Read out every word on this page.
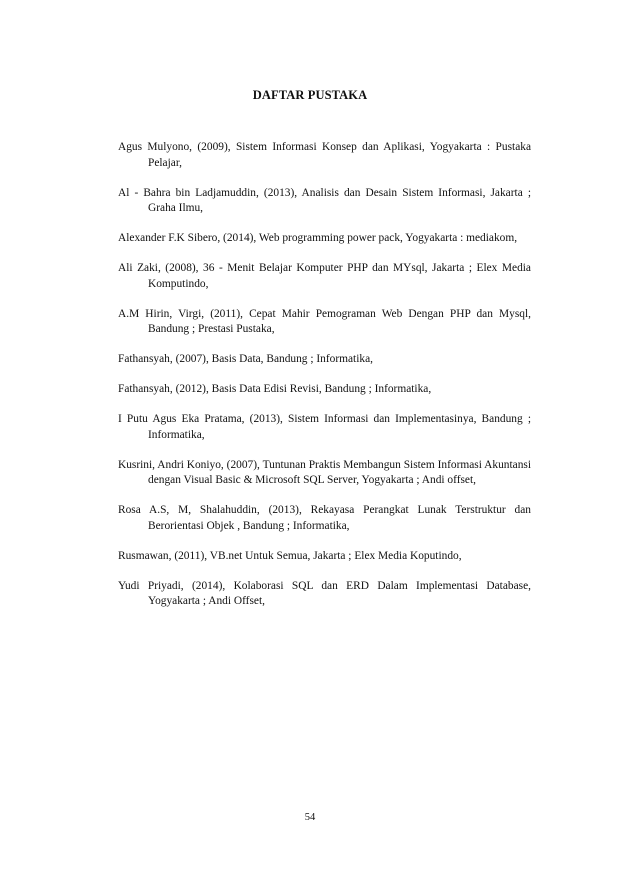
DAFTAR PUSTAKA
Agus Mulyono, (2009), Sistem Informasi Konsep dan Aplikasi, Yogyakarta : Pustaka Pelajar,
Al - Bahra bin Ladjamuddin, (2013), Analisis dan Desain Sistem Informasi, Jakarta ; Graha Ilmu,
Alexander F.K Sibero, (2014), Web programming power pack, Yogyakarta : mediakom,
Ali Zaki, (2008), 36 - Menit Belajar Komputer PHP dan MYsql, Jakarta ; Elex Media Komputindo,
A.M Hirin, Virgi, (2011), Cepat Mahir Pemograman Web Dengan PHP dan Mysql, Bandung ; Prestasi Pustaka,
Fathansyah, (2007), Basis Data, Bandung ; Informatika,
Fathansyah, (2012), Basis Data Edisi Revisi, Bandung ; Informatika,
I Putu Agus Eka Pratama, (2013), Sistem Informasi dan Implementasinya, Bandung ; Informatika,
Kusrini, Andri Koniyo, (2007), Tuntunan Praktis Membangun Sistem Informasi Akuntansi dengan Visual Basic & Microsoft SQL Server, Yogyakarta ; Andi offset,
Rosa A.S, M, Shalahuddin, (2013), Rekayasa Perangkat Lunak Terstruktur dan Berorientasi Objek , Bandung ; Informatika,
Rusmawan, (2011), VB.net Untuk Semua, Jakarta ; Elex Media Koputindo,
Yudi Priyadi, (2014), Kolaborasi SQL dan ERD Dalam Implementasi Database, Yogyakarta ; Andi Offset,
54
